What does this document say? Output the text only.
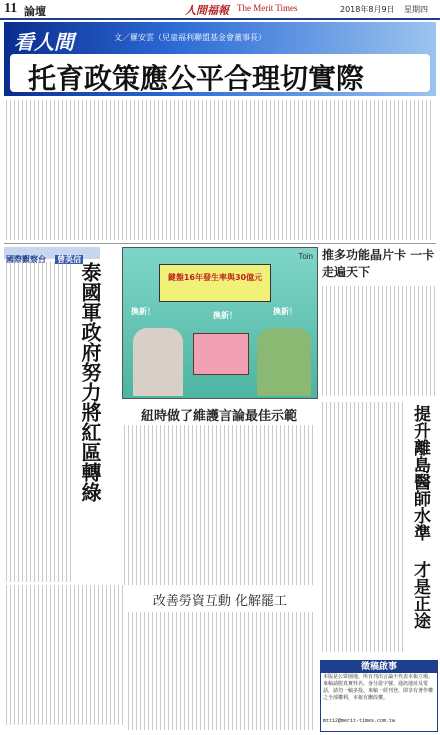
11 論壇	人間福報 The Merit Times	2018年8月9日 星期四
看人間	文／羅安雲（兒童福利聯盟基金會董事長）
托育政策應公平合理切實際
國際觀察台 曾英信
泰國軍政府努力將紅區轉綠	鍵盤16年發生率與30億元
Toin
換新！	換新！	換新！
推多功能晶片卡 一卡走遍天下
紐時做了維護言論最佳示範	提升離島醫師水準 才是正途
改善勞資互動 化解罷工
徵稿啟事
本版是公眾園地，所有刊出言論不代表本報立場。來稿請附真實姓名、身分證字號、通訊地址及電話，請勿一稿多投。來稿一經刊登，即享有著作權之全部權利，本報有刪改權。
mtt12@merit-times.com.tw
